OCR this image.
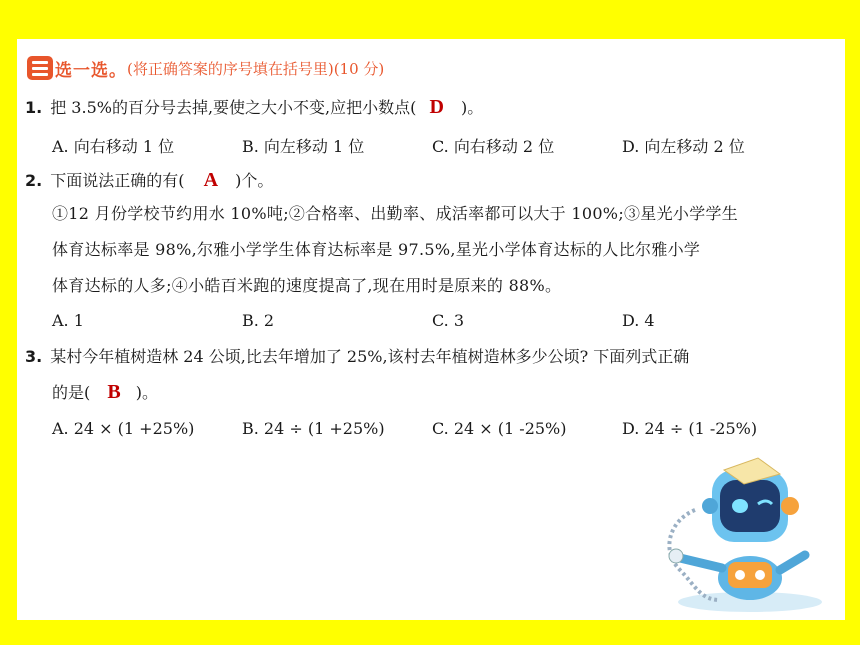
选一选。 (将正确答案的序号填在括号里)(10 分)
1. 把 3.5%的百分号去掉,要使之大小不变,应把小数点( D )。
A. 向右移动 1 位	B. 向左移动 1 位	C. 向右移动 2 位	D. 向左移动 2 位
2. 下面说法正确的有( A )个。
①12 月份学校节约用水 10%吨;②合格率、出勤率、成活率都可以大于 100%;③星光小学学生
体育达标率是 98%,尔雅小学学生体育达标率是 97.5%,星光小学体育达标的人比尔雅小学
体育达标的人多;④小皓百米跑的速度提高了,现在用时是原来的 88%。
A. 1	B. 2	C. 3	D. 4
3. 某村今年植树造林 24 公顷,比去年增加了 25%,该村去年植树造林多少公顷? 下面列式正确
的是( B )。
A. 24 × (1 +25%)	B. 24 ÷ (1 +25%)	C. 24 × (1 -25%)	D. 24 ÷ (1 -25%)
